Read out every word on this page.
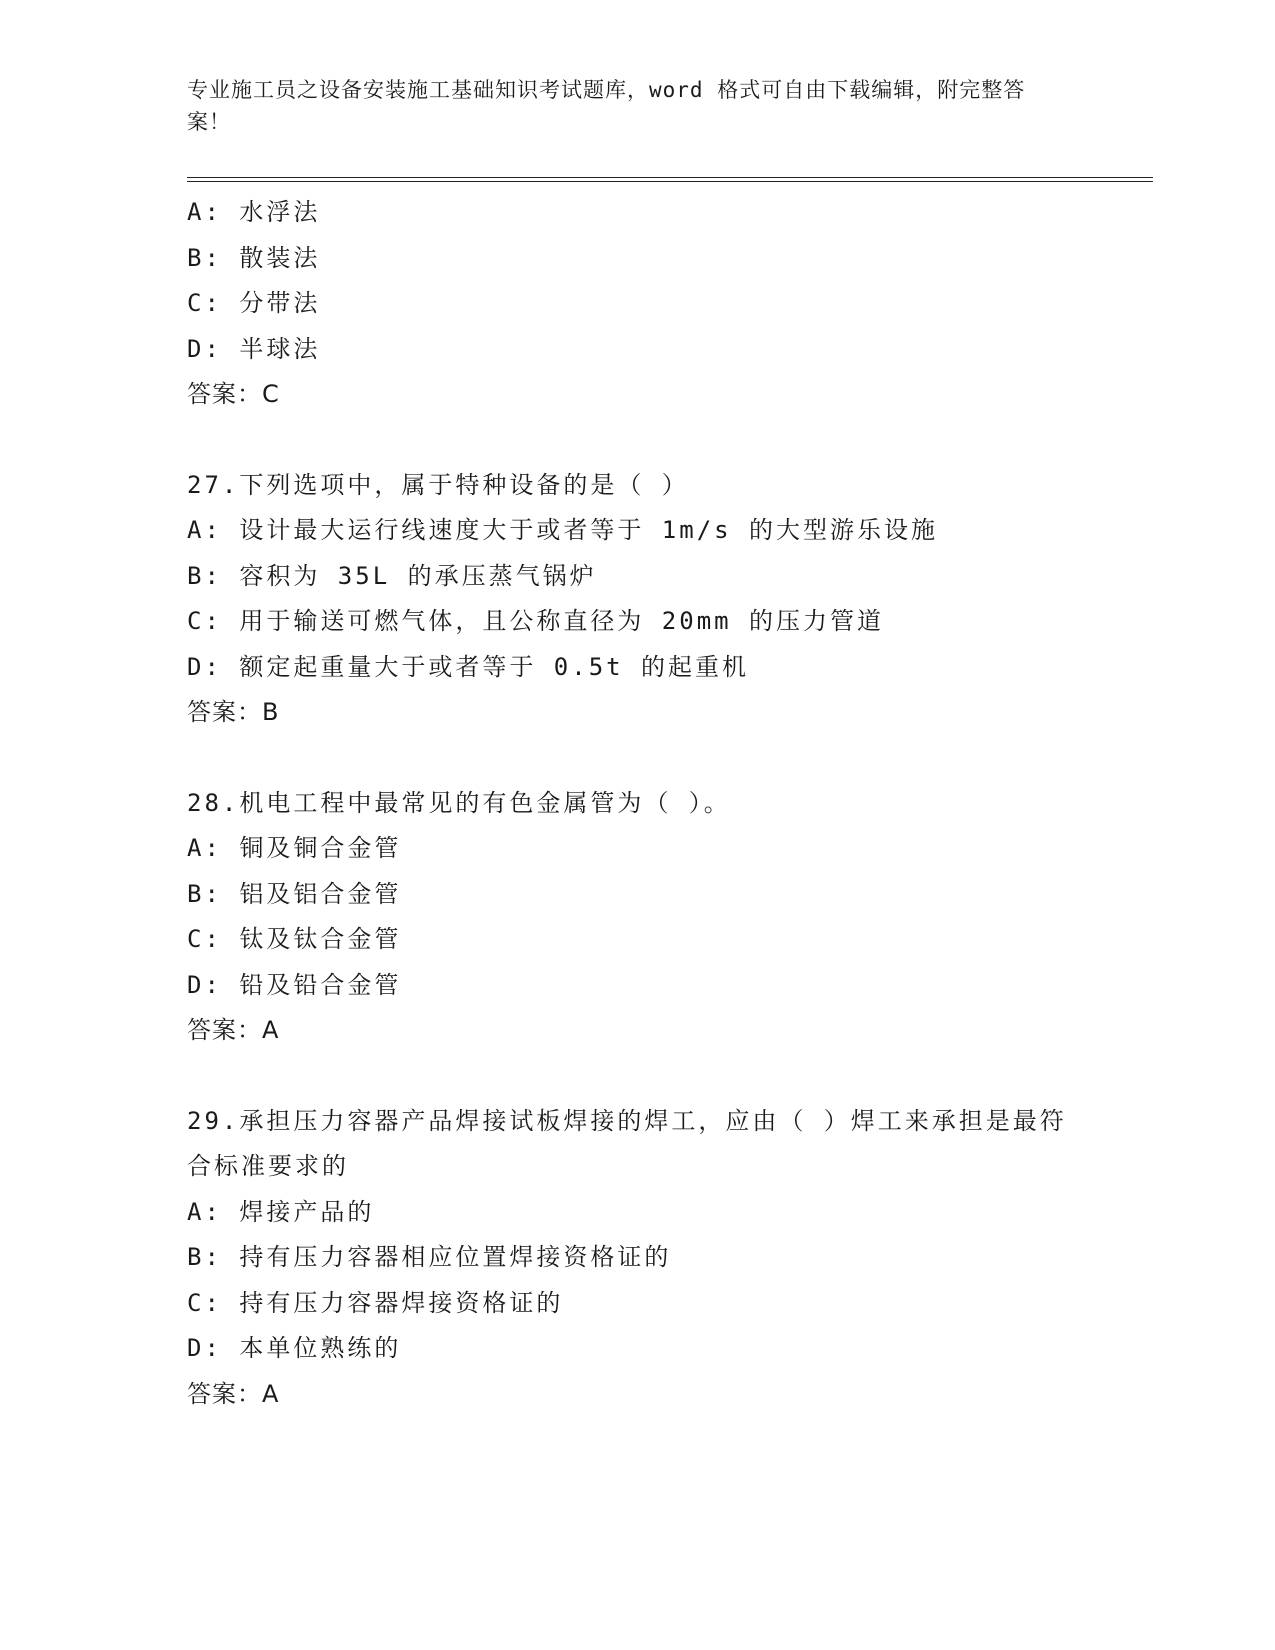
专业施工员之设备安装施工基础知识考试题库，word 格式可自由下载编辑，附完整答案！

A: 水浮法

B: 散装法

C: 分带法

D: 半球法

答案：C

27.下列选项中，属于特种设备的是（ ）

A: 设计最大运行线速度大于或者等于 1m/s 的大型游乐设施

B: 容积为 35L 的承压蒸气锅炉

C: 用于输送可燃气体，且公称直径为 20mm 的压力管道

D: 额定起重量大于或者等于 0.5t 的起重机

答案：B

28.机电工程中最常见的有色金属管为（ ）。

A: 铜及铜合金管

B: 铝及铝合金管

C: 钛及钛合金管

D: 铅及铅合金管

答案：A

29.承担压力容器产品焊接试板焊接的焊工，应由（ ）焊工来承担是最符合标准要求的

A: 焊接产品的

B: 持有压力容器相应位置焊接资格证的

C: 持有压力容器焊接资格证的

D: 本单位熟练的

答案：A
